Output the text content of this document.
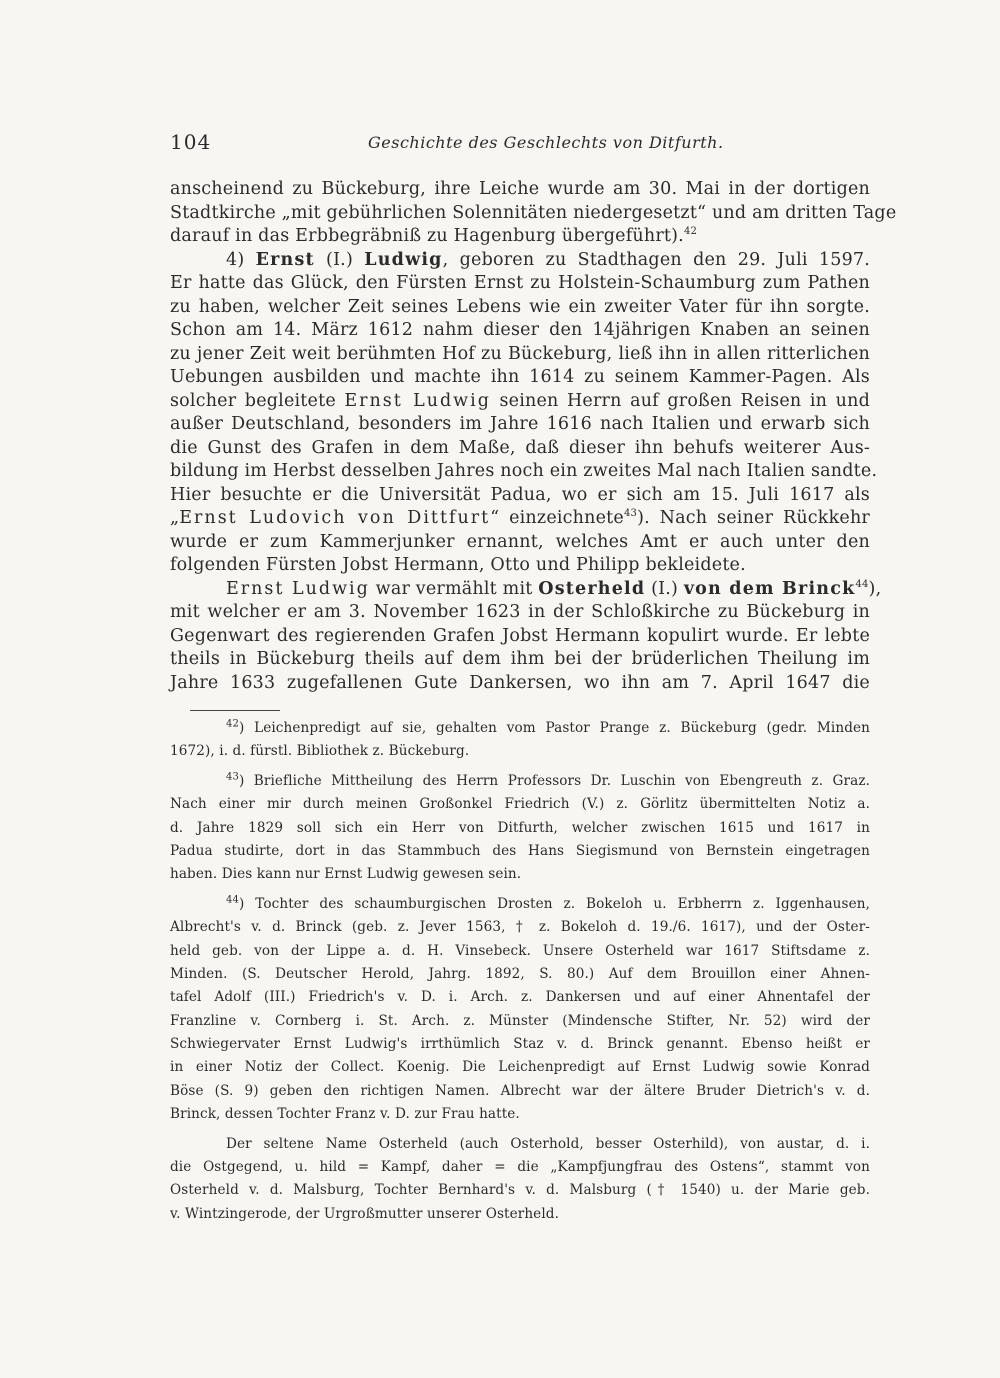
104	Geschichte des Geschlechts von Ditfurth.
anscheinend zu Bückeburg, ihre Leiche wurde am 30. Mai in der dortigen
Stadtkirche „mit gebührlichen Solennitäten niedergesetzt“ und am dritten Tage
darauf in das Erbbegräbniß zu Hagenburg übergeführt).$^{42}$
4) Ernst (I.) Ludwig, geboren zu Stadthagen den 29. Juli 1597.
Er hatte das Glück, den Fürsten Ernst zu Holstein-Schaumburg zum Pathen
zu haben, welcher Zeit seines Lebens wie ein zweiter Vater für ihn sorgte.
Schon am 14. März 1612 nahm dieser den 14jährigen Knaben an seinen
zu jener Zeit weit berühmten Hof zu Bückeburg, ließ ihn in allen ritterlichen
Uebungen ausbilden und machte ihn 1614 zu seinem Kammer-Pagen. Als
solcher begleitete Ernst Ludwig seinen Herrn auf großen Reisen in und
außer Deutschland, besonders im Jahre 1616 nach Italien und erwarb sich
die Gunst des Grafen in dem Maße, daß dieser ihn behufs weiterer Aus-
bildung im Herbst desselben Jahres noch ein zweites Mal nach Italien sandte.
Hier besuchte er die Universität Padua, wo er sich am 15. Juli 1617 als
„Ernst Ludovich von Dittfurt“ einzeichnete$^{43}$). Nach seiner Rückkehr
wurde er zum Kammerjunker ernannt, welches Amt er auch unter den
folgenden Fürsten Jobst Hermann, Otto und Philipp bekleidete.
Ernst Ludwig war vermählt mit Osterheld (I.) von dem Brinck$^{44}$),
mit welcher er am 3. November 1623 in der Schloßkirche zu Bückeburg in
Gegenwart des regierenden Grafen Jobst Hermann kopulirt wurde. Er lebte
theils in Bückeburg theils auf dem ihm bei der brüderlichen Theilung im
Jahre 1633 zugefallenen Gute Dankersen, wo ihn am 7. April 1647 die
$^{42}$) Leichenpredigt auf sie, gehalten vom Pastor Prange z. Bückeburg (gedr. Minden
1672), i. d. fürstl. Bibliothek z. Bückeburg.
$^{43}$) Briefliche Mittheilung des Herrn Professors Dr. Luschin von Ebengreuth z. Graz.
Nach einer mir durch meinen Großonkel Friedrich (V.) z. Görlitz übermittelten Notiz a.
d. Jahre 1829 soll sich ein Herr von Ditfurth, welcher zwischen 1615 und 1617 in
Padua studirte, dort in das Stammbuch des Hans Siegismund von Bernstein eingetragen
haben. Dies kann nur Ernst Ludwig gewesen sein.
$^{44}$) Tochter des schaumburgischen Drosten z. Bokeloh u. Erbherrn z. Iggenhausen,
Albrecht's v. d. Brinck (geb. z. Jever 1563, † z. Bokeloh d. 19./6. 1617), und der Oster-
held geb. von der Lippe a. d. H. Vinsebeck. Unsere Osterheld war 1617 Stiftsdame z.
Minden. (S. Deutscher Herold, Jahrg. 1892, S. 80.) Auf dem Brouillon einer Ahnen-
tafel Adolf (III.) Friedrich's v. D. i. Arch. z. Dankersen und auf einer Ahnentafel der
Franzline v. Cornberg i. St. Arch. z. Münster (Mindensche Stifter, Nr. 52) wird der
Schwiegervater Ernst Ludwig's irrthümlich Staz v. d. Brinck genannt. Ebenso heißt er
in einer Notiz der Collect. Koenig. Die Leichenpredigt auf Ernst Ludwig sowie Konrad
Böse (S. 9) geben den richtigen Namen. Albrecht war der ältere Bruder Dietrich's v. d.
Brinck, dessen Tochter Franz v. D. zur Frau hatte.
Der seltene Name Osterheld (auch Osterhold, besser Osterhild), von austar, d. i.
die Ostgegend, u. hild = Kampf, daher = die „Kampfjungfrau des Ostens“, stammt von
Osterheld v. d. Malsburg, Tochter Bernhard's v. d. Malsburg († 1540) u. der Marie geb.
v. Wintzingerode, der Urgroßmutter unserer Osterheld.
